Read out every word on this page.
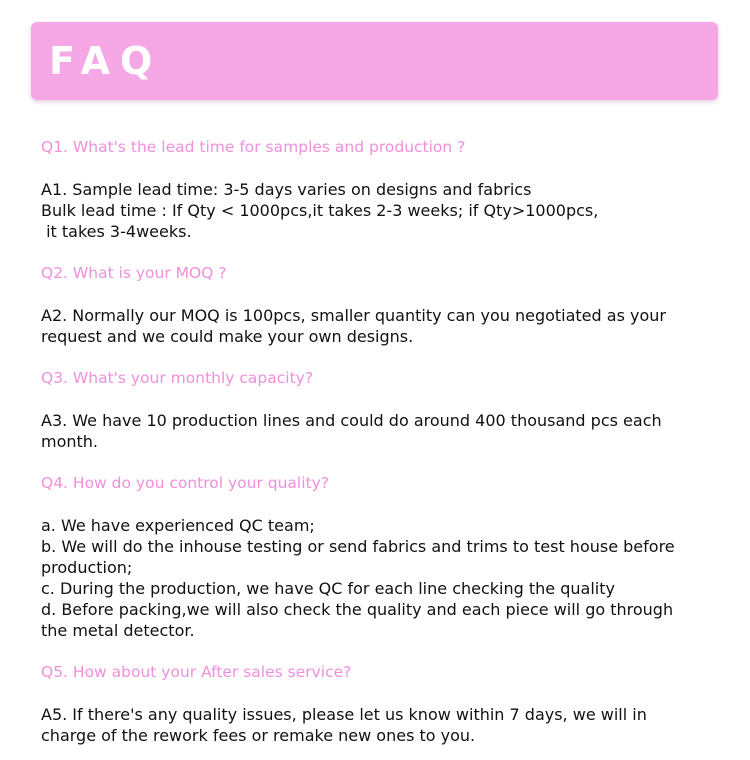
FAQ
Q1. What's the lead time for samples and production ?
A1. Sample lead time: 3-5 days varies on designs and fabrics
Bulk lead time : If Qty < 1000pcs,it takes 2-3 weeks; if Qty>1000pcs,
it takes 3-4weeks.
Q2. What is your MOQ ?
A2. Normally our MOQ is 100pcs, smaller quantity can you negotiated as your
request and we could make your own designs.
Q3. What's your monthly capacity?
A3. We have 10 production lines and could do around 400 thousand pcs each
month.
Q4. How do you control your quality?
a. We have experienced QC team;
b. We will do the inhouse testing or send fabrics and trims to test house before
production;
c. During the production, we have QC for each line checking the quality
d. Before packing,we will also check the quality and each piece will go through
the metal detector.
Q5. How about your After sales service?
A5. If there's any quality issues, please let us know within 7 days, we will in
charge of the rework fees or remake new ones to you.
